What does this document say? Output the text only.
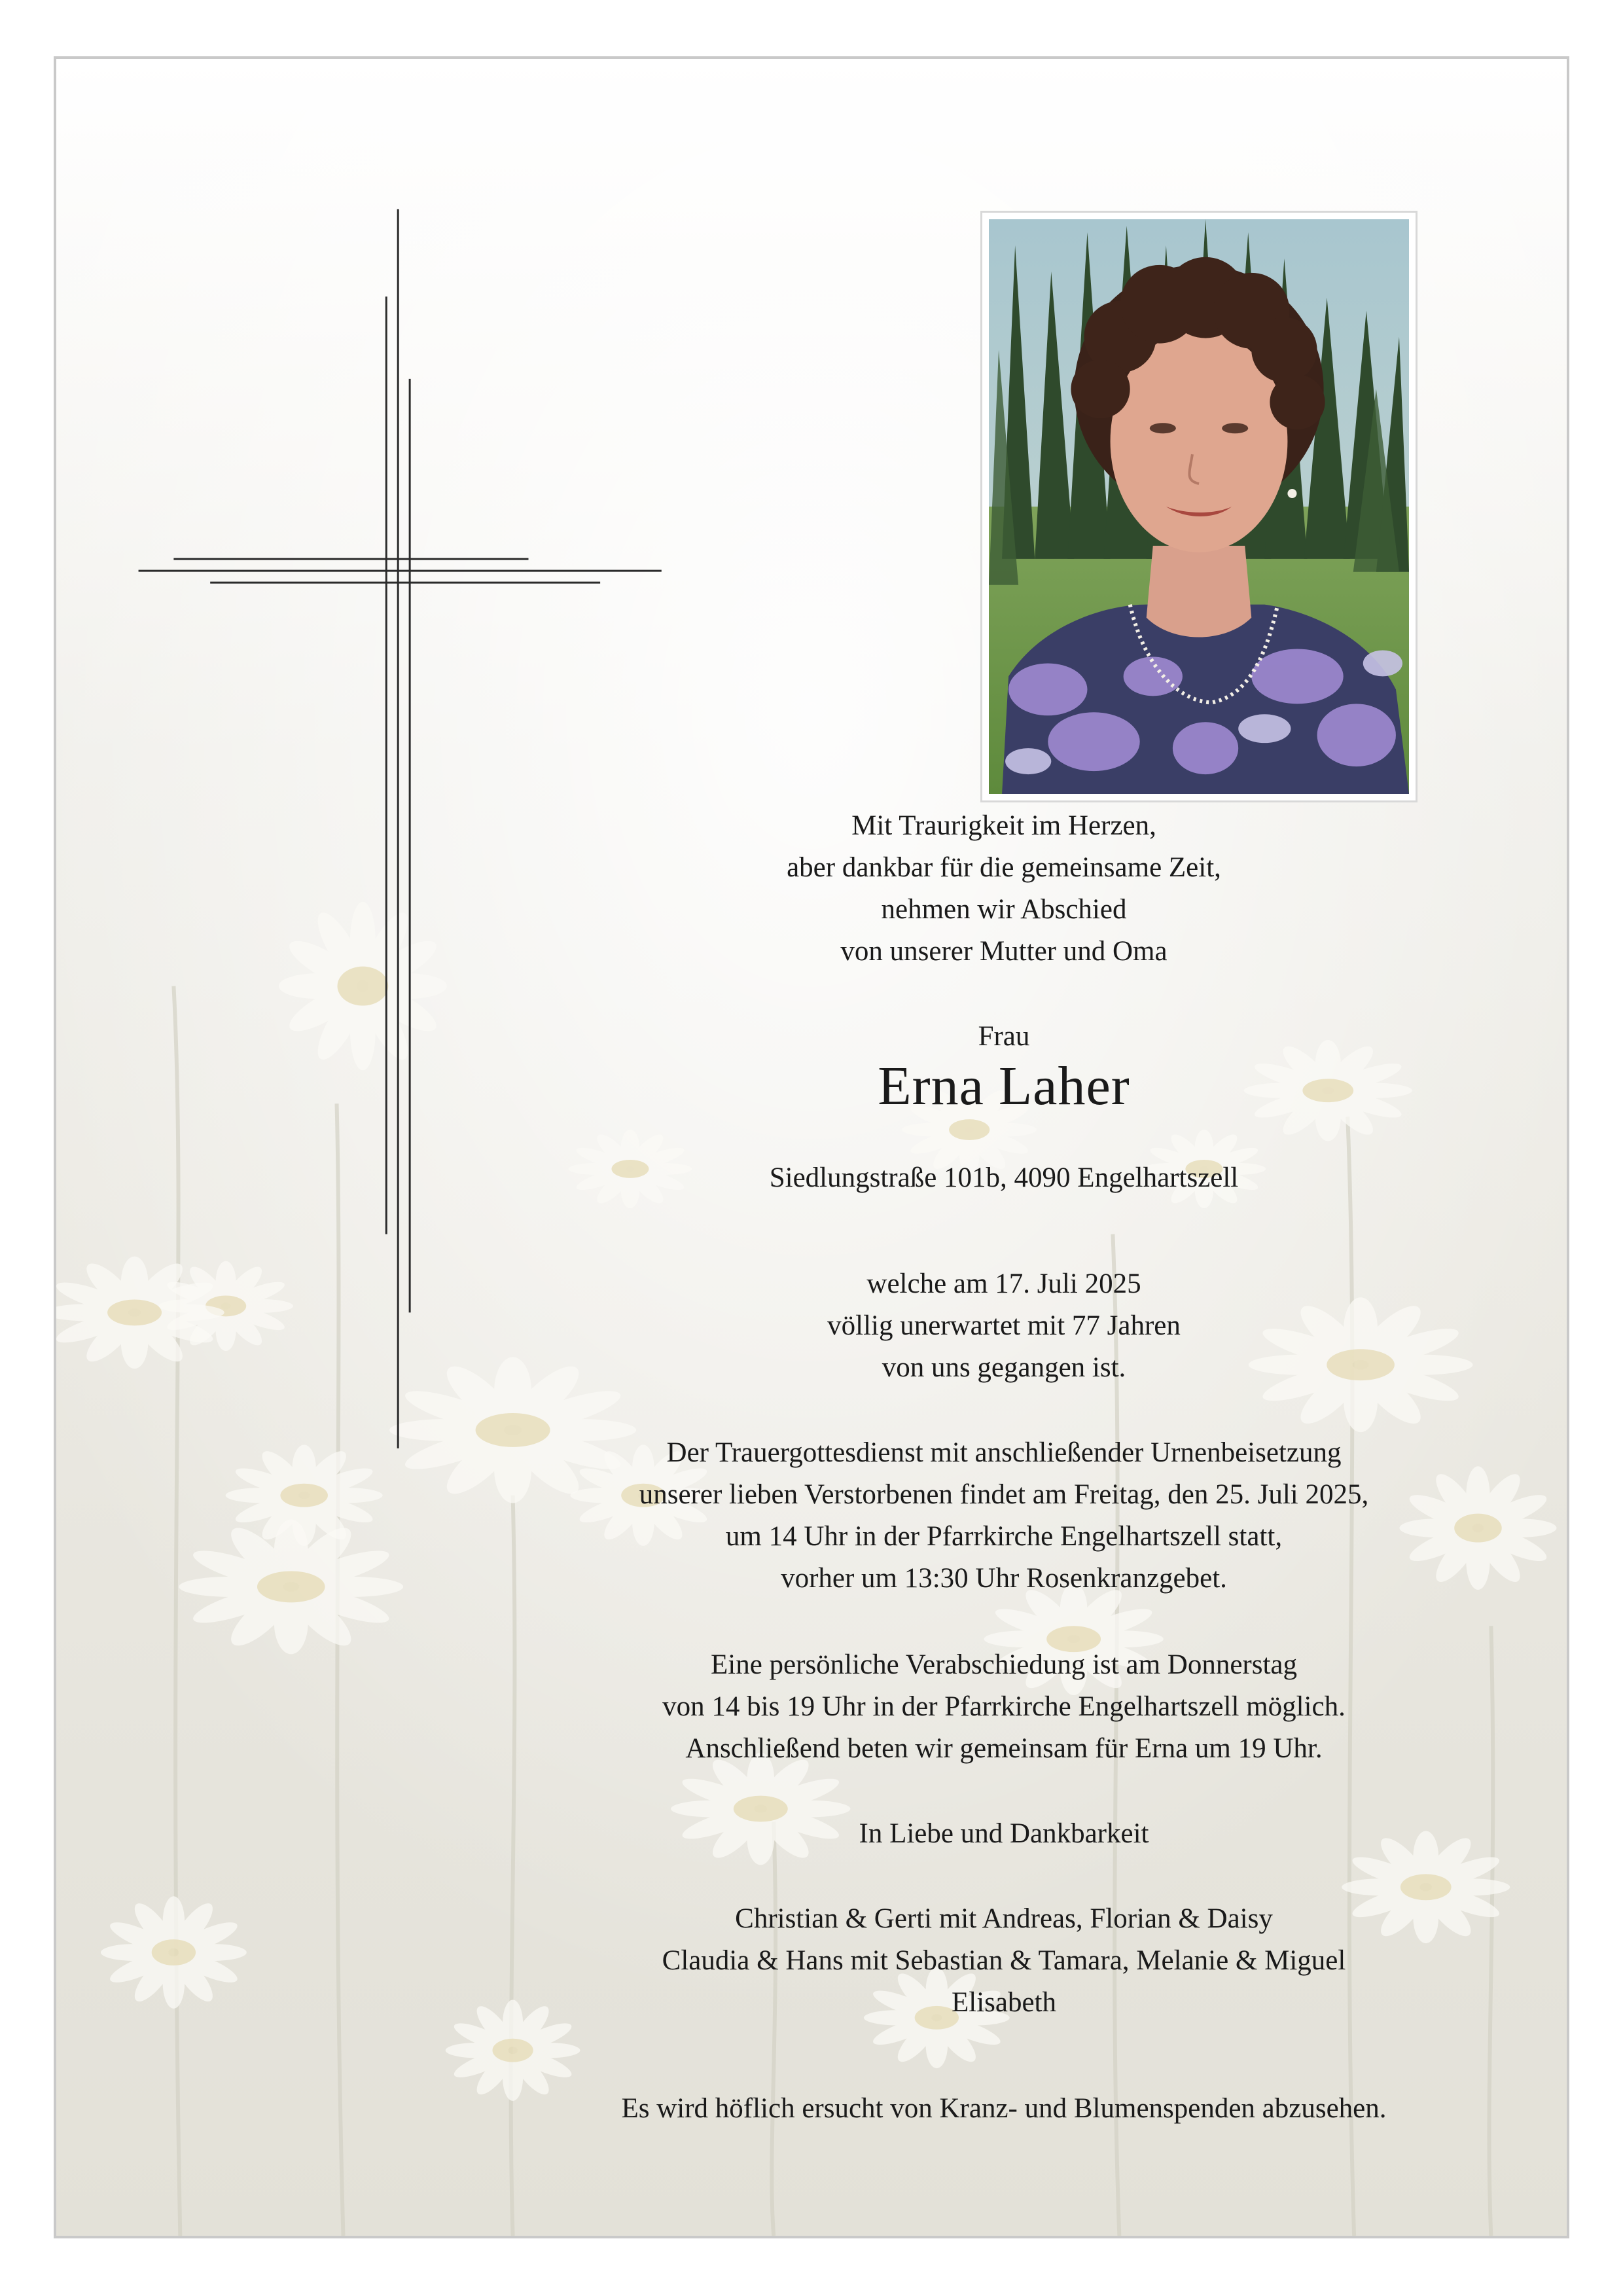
Mit Traurigkeit im Herzen,

aber dankbar für die gemeinsame Zeit,

nehmen wir Abschied

von unserer Mutter und Oma

Frau
Erna Laher
Siedlungstraße 101b, 4090 Engelhartszell

welche am 17. Juli 2025

völlig unerwartet mit 77 Jahren

von uns gegangen ist.

Der Trauergottesdienst mit anschließender Urnenbeisetzung

unserer lieben Verstorbenen findet am Freitag, den 25. Juli 2025,

um 14 Uhr in der Pfarrkirche Engelhartszell statt,

vorher um 13:30 Uhr Rosenkranzgebet.

Eine persönliche Verabschiedung ist am Donnerstag

von 14 bis 19 Uhr in der Pfarrkirche Engelhartszell möglich.

Anschließend beten wir gemeinsam für Erna um 19 Uhr.

In Liebe und Dankbarkeit

Christian & Gerti mit Andreas, Florian & Daisy

Claudia & Hans mit Sebastian & Tamara, Melanie & Miguel

Elisabeth

Es wird höflich ersucht von Kranz- und Blumenspenden abzusehen.
